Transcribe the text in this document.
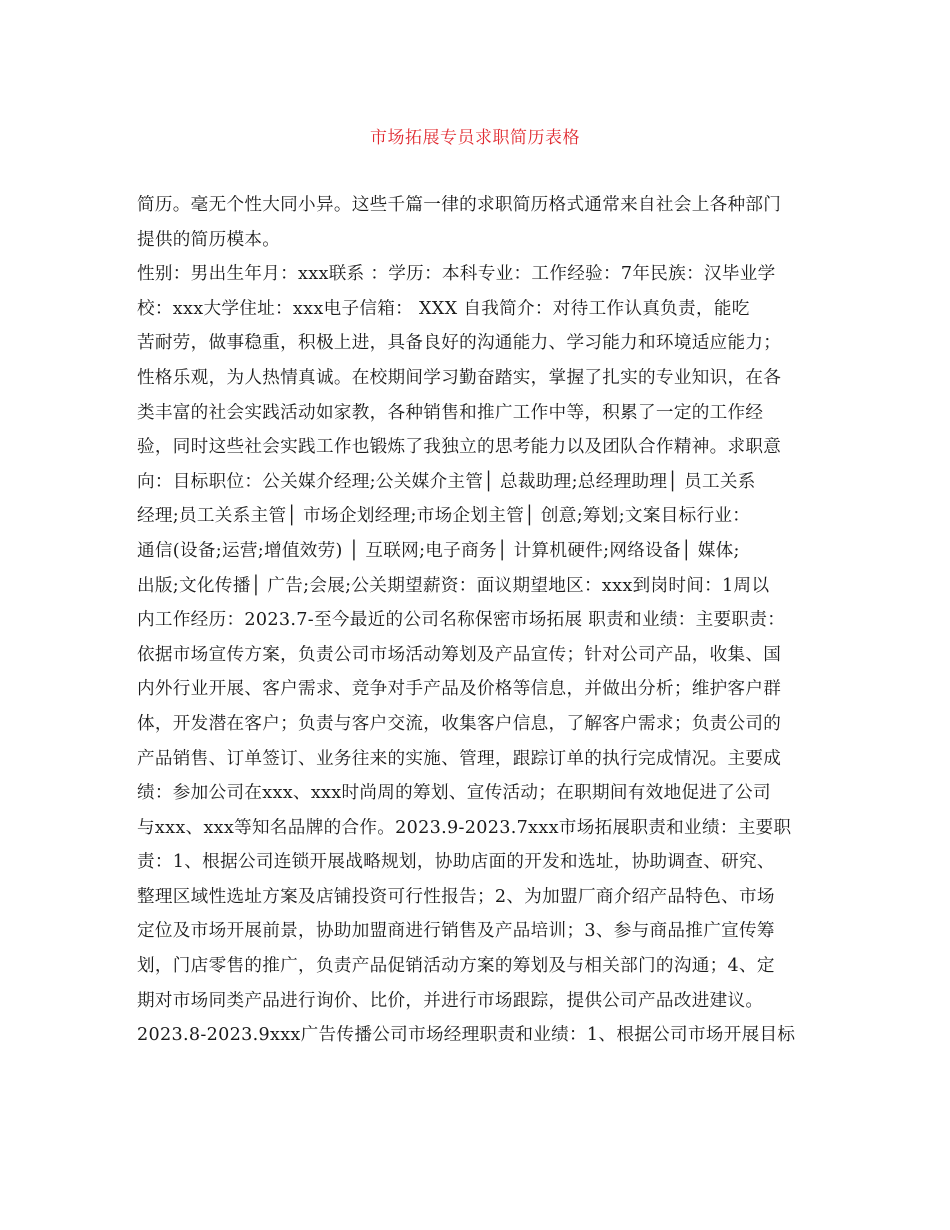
市场拓展专员求职简历表格
简历。毫无个性大同小异。这些千篇一律的求职简历格式通常来自社会上各种部门
提供的简历模本。
性别：男出生年月：xxx联系 ：学历：本科专业：工作经验：7年民族：汉毕业学
校：xxx大学住址：xxx电子信箱： XXX 自我简介：对待工作认真负责，能吃
苦耐劳，做事稳重，积极上进，具备良好的沟通能力、学习能力和环境适应能力；
性格乐观，为人热情真诚。在校期间学习勤奋踏实，掌握了扎实的专业知识，在各
类丰富的社会实践活动如家教，各种销售和推广工作中等，积累了一定的工作经
验，同时这些社会实践工作也锻炼了我独立的思考能力以及团队合作精神。求职意
向：目标职位：公关媒介经理;公关媒介主管│ 总裁助理;总经理助理│ 员工关系
经理;员工关系主管│ 市场企划经理;市场企划主管│ 创意;筹划;文案目标行业：
通信(设备;运营;增值效劳) │ 互联网;电子商务│ 计算机硬件;网络设备│ 媒体;
出版;文化传播│ 广告;会展;公关期望薪资：面议期望地区：xxx到岗时间：1周以
内工作经历：2023.7-至今最近的公司名称保密市场拓展 职责和业绩：主要职责：
依据市场宣传方案，负责公司市场活动筹划及产品宣传；针对公司产品，收集、国
内外行业开展、客户需求、竞争对手产品及价格等信息，并做出分析；维护客户群
体，开发潜在客户；负责与客户交流，收集客户信息，了解客户需求；负责公司的
产品销售、订单签订、业务往来的实施、管理，跟踪订单的执行完成情况。主要成
绩：参加公司在xxx、xxx时尚周的筹划、宣传活动；在职期间有效地促进了公司
与xxx、xxx等知名品牌的合作。2023.9-2023.7xxx市场拓展职责和业绩：主要职
责：1、根据公司连锁开展战略规划，协助店面的开发和选址，协助调查、研究、
整理区域性选址方案及店铺投资可行性报告；2、为加盟厂商介绍产品特色、市场
定位及市场开展前景，协助加盟商进行销售及产品培训；3、参与商品推广宣传筹
划，门店零售的推广，负责产品促销活动方案的筹划及与相关部门的沟通；4、定
期对市场同类产品进行询价、比价，并进行市场跟踪，提供公司产品改进建议。
2023.8-2023.9xxx广告传播公司市场经理职责和业绩：1、根据公司市场开展目标
